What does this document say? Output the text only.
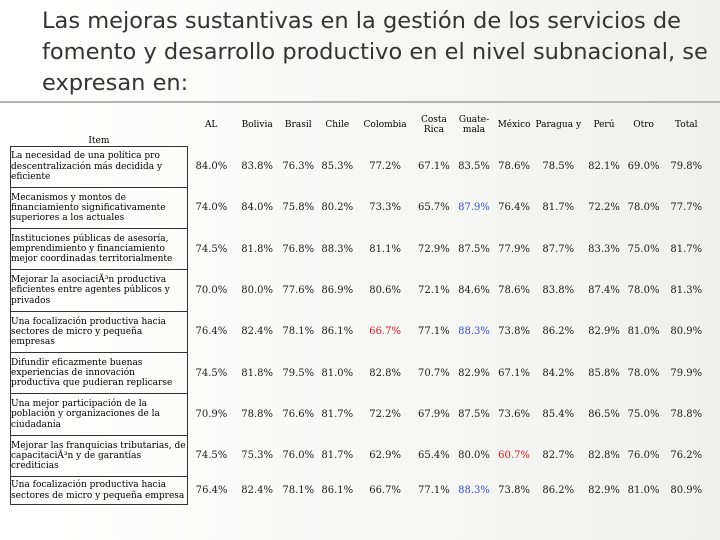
Las mejoras sustantivas en la gestión de los servicios de fomento y desarrollo productivo en el nivel subnacional, se expresan en:
Item	AL	Bolivia	Brasil	Chile	Colombia	Costa Rica	Guate-mala	México	Paragua y	Perú	Otro	Total
La necesidad de una política pro descentralización más decidida y eficiente	84.0%	83.8%	76.3%	85.3%	77.2%	67.1%	83.5%	78.6%	78.5%	82.1%	69.0%	79.8%
Mecanismos y montos de financiamiento significativamente superiores a los actuales	74.0%	84.0%	75.8%	80.2%	73.3%	65.7%	87.9%	76.4%	81.7%	72.2%	78.0%	77.7%
Instituciones públicas de asesoría, emprendimiento y financiamiento mejor coordinadas territorialmente	74.5%	81.8%	76.8%	88.3%	81.1%	72.9%	87.5%	77.9%	87.7%	83.3%	75.0%	81.7%
Mejorar la asociaciÃ³n productiva eficientes entre agentes públicos y privados	70.0%	80.0%	77.6%	86.9%	80.6%	72.1%	84.6%	78.6%	83.8%	87.4%	78.0%	81.3%
Una focalización productiva hacia sectores de micro y pequeña empresas	76.4%	82.4%	78.1%	86.1%	66.7%	77.1%	88.3%	73.8%	86.2%	82.9%	81.0%	80.9%
Difundir eficazmente buenas experiencias de innovación productiva que pudieran replicarse	74.5%	81.8%	79.5%	81.0%	82.8%	70.7%	82.9%	67.1%	84.2%	85.8%	78.0%	79.9%
Una mejor participación de la población y organizaciones de la ciudadanía	70.9%	78.8%	76.6%	81.7%	72.2%	67.9%	87.5%	73.6%	85.4%	86.5%	75.0%	78.8%
Mejorar las franquicias tributarias, de capacitaciÃ³n y de garantías crediticias	74.5%	75.3%	76.0%	81.7%	62.9%	65.4%	80.0%	60.7%	82.7%	82.8%	76.0%	76.2%
Una focalización productiva hacia sectores de micro y pequeña empresa	76.4%	82.4%	78.1%	86.1%	66.7%	77.1%	88.3%	73.8%	86.2%	82.9%	81.0%	80.9%
